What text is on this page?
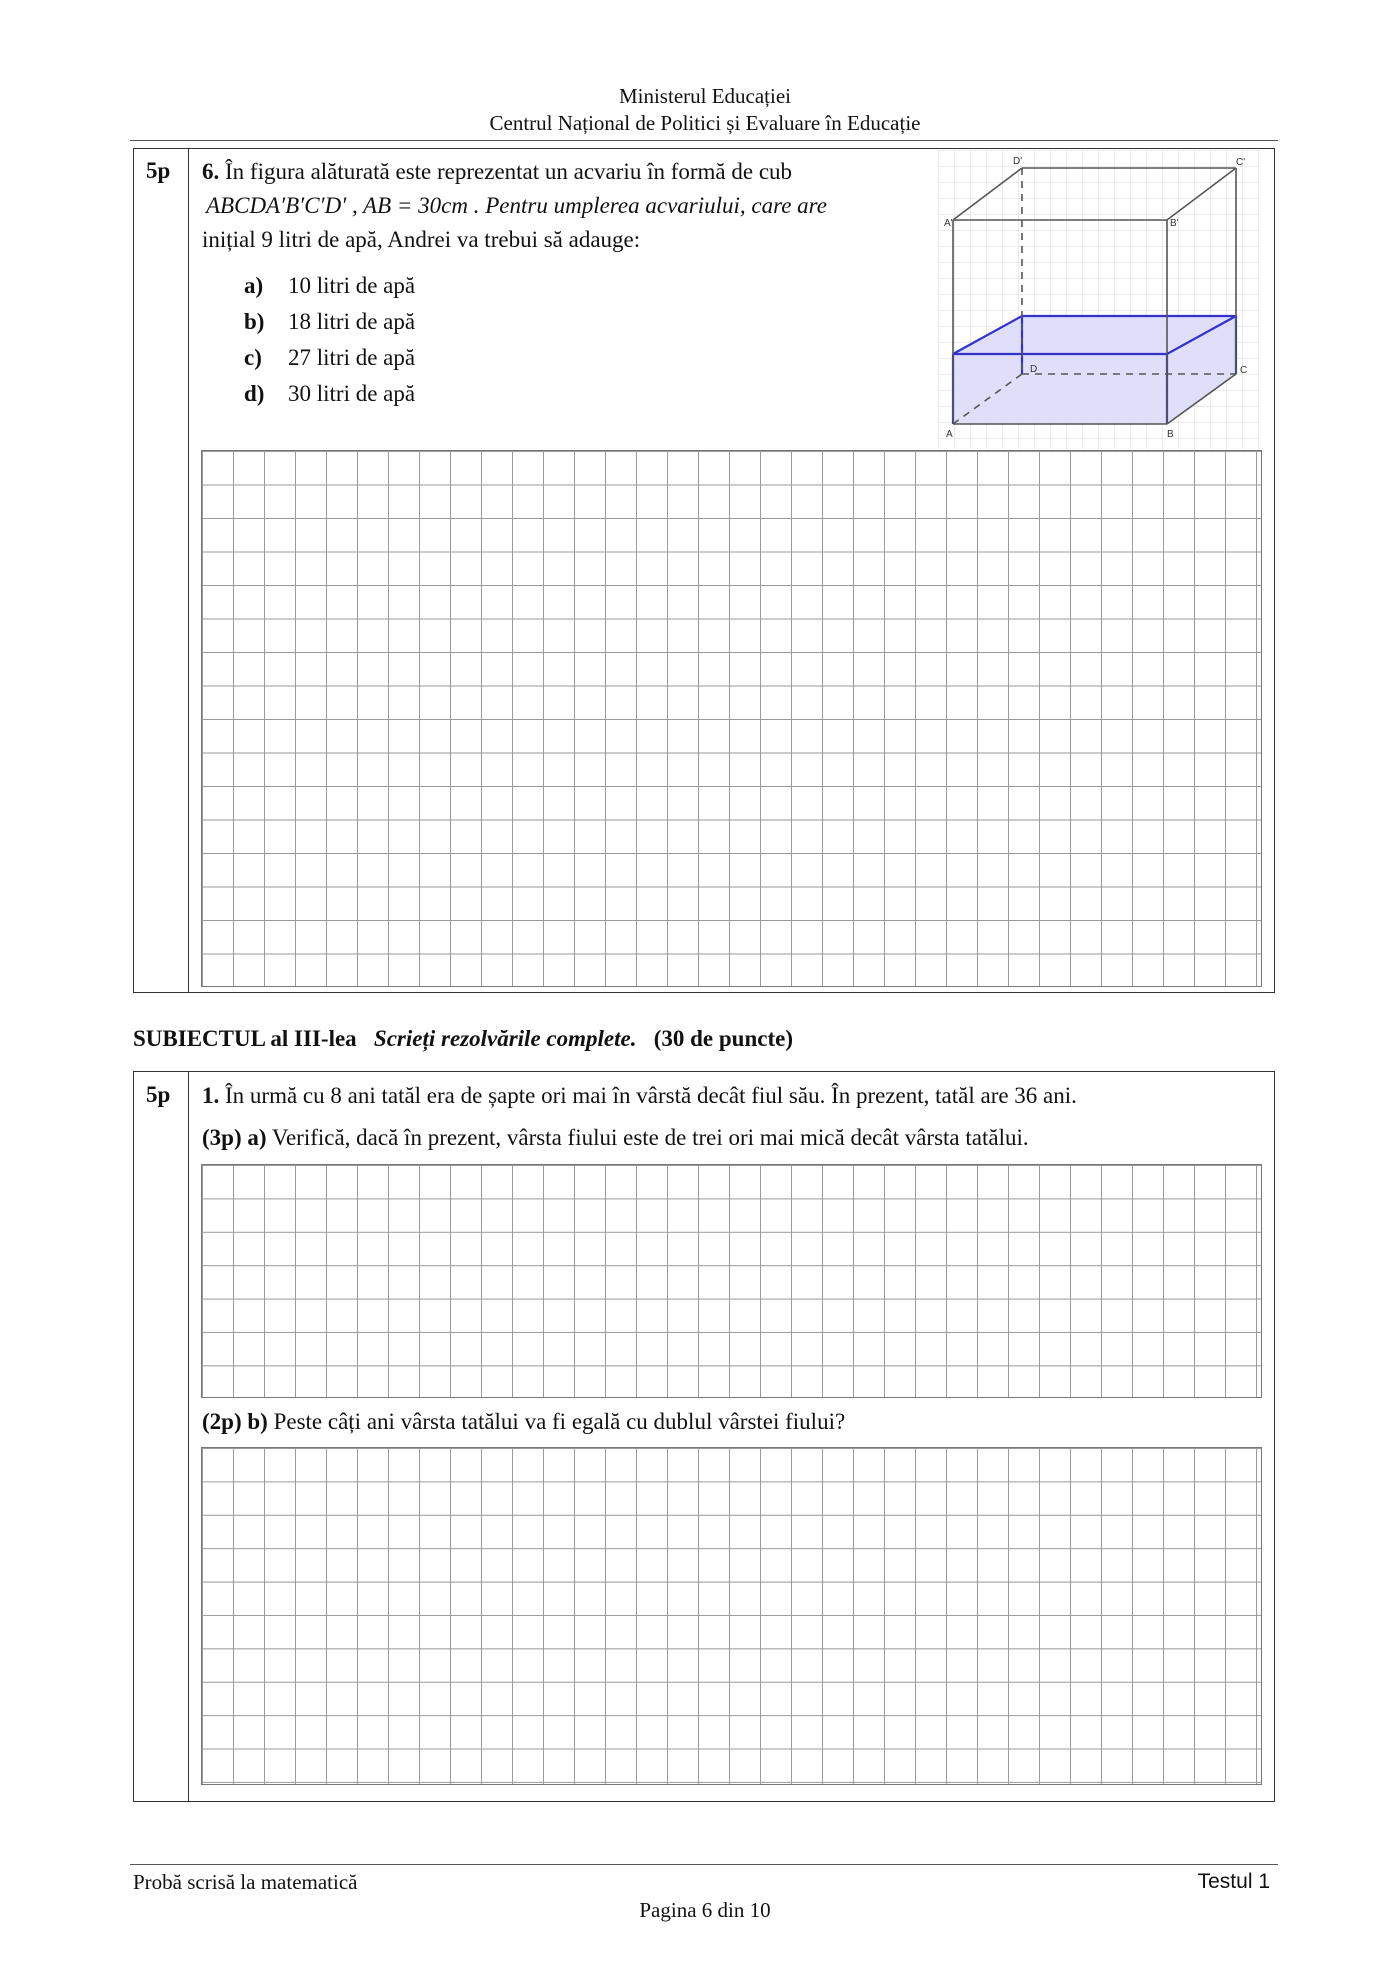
Ministerul Educației
Centrul Național de Politici și Evaluare în Educație
5p 6. În figura alăturată este reprezentat un acvariu în formă de cub
ABCDA′B′C′D′ , AB = 30cm . Pentru umplerea acvariului, care are
inițial 9 litri de apă, Andrei va trebui să adauge:
a) 10 litri de apă
b) 18 litri de apă
c) 27 litri de apă
d) 30 litri de apă
A'	B'
C'
D'
A	B
C
D
SUBIECTUL al III-lea Scrieți rezolvările complete. (30 de puncte)
5p 1. În urmă cu 8 ani tatăl era de șapte ori mai în vârstă decât fiul său. În prezent, tatăl are 36 ani.
(3p) a) Verifică, dacă în prezent, vârsta fiului este de trei ori mai mică decât vârsta tatălui.
(2p) b) Peste câți ani vârsta tatălui va fi egală cu dublul vârstei fiului?
Probă scrisă la matematică	Testul 1
Pagina 6 din 10
